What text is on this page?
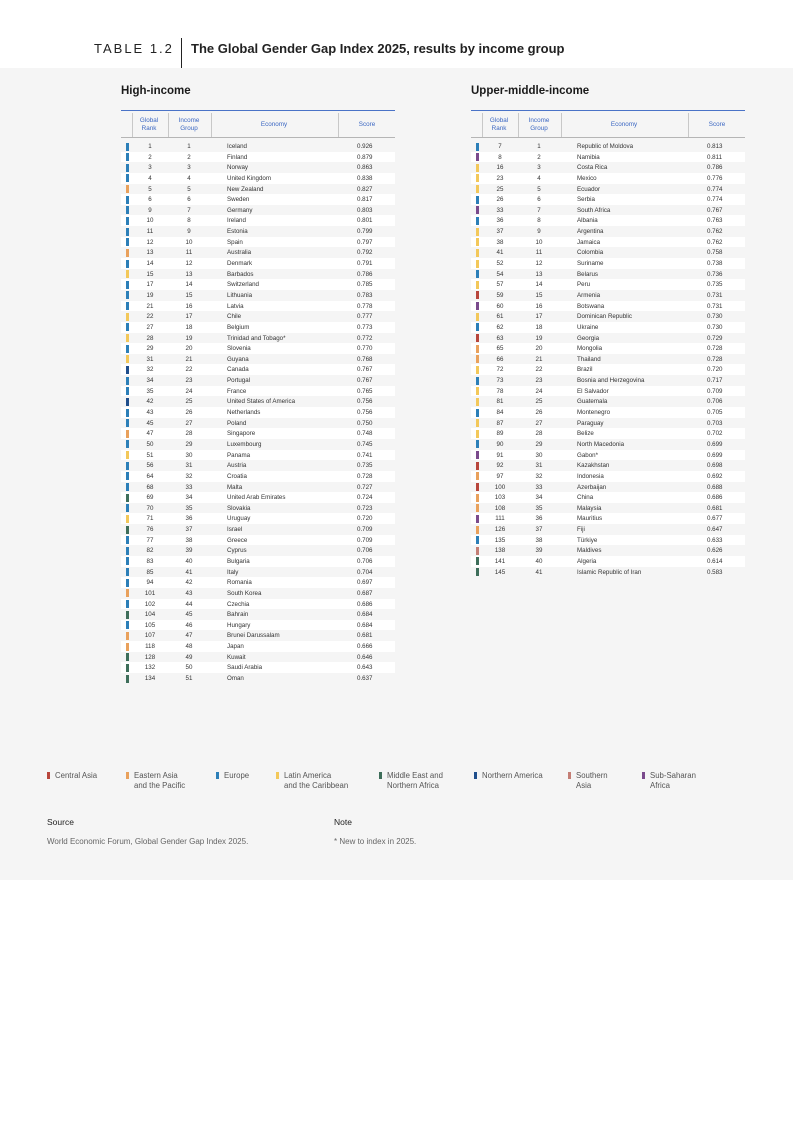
TABLE 1.2 The Global Gender Gap Index 2025, results by income group
High-income	Upper-middle-income
Global
Rank
Income
Group
Economy	Score
1	1	Iceland	0.926
2	2	Finland	0.879
3	3	Norway	0.863
4	4	United Kingdom	0.838
5	5	New Zealand	0.827
6	6	Sweden	0.817
9	7	Germany	0.803
10	8	Ireland	0.801
11	9	Estonia	0.799
12	10	Spain	0.797
13	11	Australia	0.792
14	12	Denmark	0.791
15	13	Barbados	0.786
17	14	Switzerland	0.785
19	15	Lithuania	0.783
21	16	Latvia	0.778
22	17	Chile	0.777
27	18	Belgium	0.773
28	19	Trinidad and Tobago*	0.772
29	20	Slovenia	0.770
31	21	Guyana	0.768
32	22	Canada	0.767
34	23	Portugal	0.767
35	24	France	0.765
42	25	United States of America	0.756
43	26	Netherlands	0.756
45	27	Poland	0.750
47	28	Singapore	0.748
50	29	Luxembourg	0.745
51	30	Panama	0.741
56	31	Austria	0.735
64	32	Croatia	0.728
68	33	Malta	0.727
69	34	United Arab Emirates	0.724
70	35	Slovakia	0.723
71	36	Uruguay	0.720
76	37	Israel	0.709
77	38	Greece	0.709
82	39	Cyprus	0.706
83	40	Bulgaria	0.706
85	41	Italy	0.704
94	42	Romania	0.697
101	43	South Korea	0.687
102	44	Czechia	0.686
104	45	Bahrain	0.684
105	46	Hungary	0.684
107	47	Brunei Darussalam	0.681
118	48	Japan	0.666
128	49	Kuwait	0.646
132	50	Saudi Arabia	0.643
134	51	Oman	0.637
Global
Rank
Income
Group
Economy	Score
7	1	Republic of Moldova	0.813
8	2	Namibia	0.811
16	3	Costa Rica	0.786
23	4	Mexico	0.776
25	5	Ecuador	0.774
26	6	Serbia	0.774
33	7	South Africa	0.767
36	8	Albania	0.763
37	9	Argentina	0.762
38	10	Jamaica	0.762
41	11	Colombia	0.758
52	12	Suriname	0.738
54	13	Belarus	0.736
57	14	Peru	0.735
59	15	Armenia	0.731
60	16	Botswana	0.731
61	17	Dominican Republic	0.730
62	18	Ukraine	0.730
63	19	Georgia	0.729
65	20	Mongolia	0.728
66	21	Thailand	0.728
72	22	Brazil	0.720
73	23	Bosnia and Herzegovina	0.717
78	24	El Salvador	0.709
81	25	Guatemala	0.706
84	26	Montenegro	0.705
87	27	Paraguay	0.703
89	28	Belize	0.702
90	29	North Macedonia	0.699
91	30	Gabon*	0.699
92	31	Kazakhstan	0.698
97	32	Indonesia	0.692
100	33	Azerbaijan	0.688
103	34	China	0.686
108	35	Malaysia	0.681
111	36	Mauritius	0.677
126	37	Fiji	0.647
135	38	Türkiye	0.633
138	39	Maldives	0.626
141	40	Algeria	0.614
145	41	Islamic Republic of Iran	0.583
Central Asia	Eastern Asia
and the Pacific
Europe	Latin America
and the Caribbean
Middle East and
Northern Africa
Northern America	Southern
Asia
Sub-Saharan
Africa
Source
World Economic Forum, Global Gender Gap Index 2025.
Note
* New to index in 2025.
